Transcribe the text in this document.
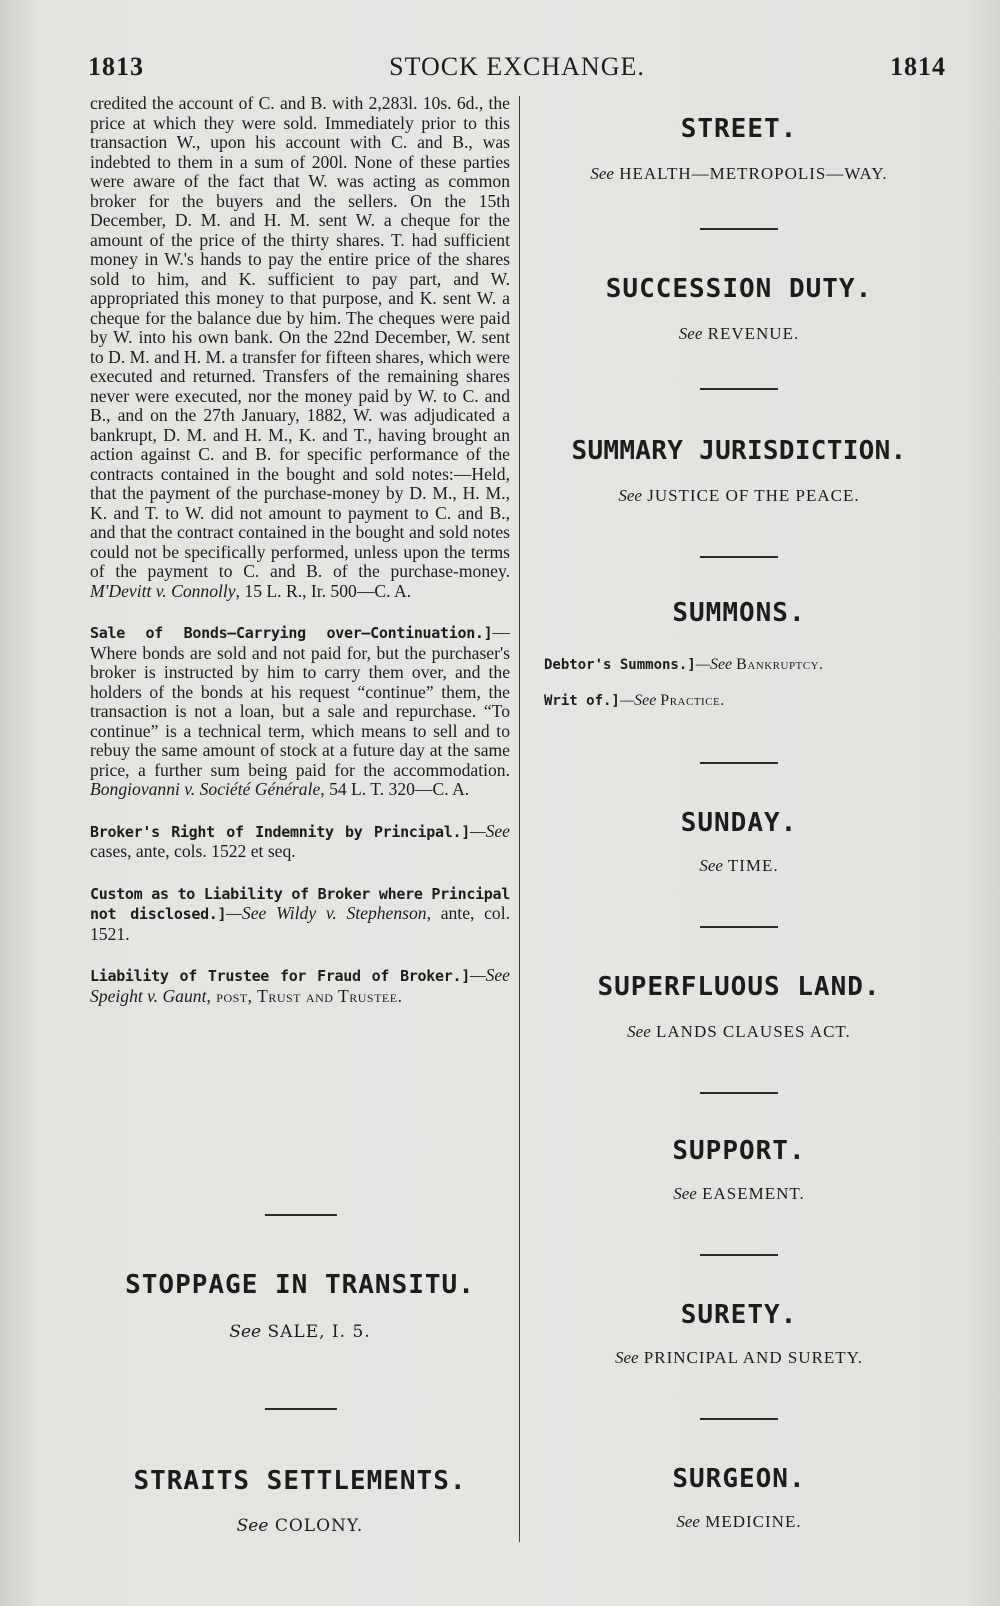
1813	STOCK EXCHANGE.	1814

credited the account of C. and B. with 2,283l. 10s. 6d., the price at which they were sold. Immediately prior to this transaction W., upon his account with C. and B., was indebted to them in a sum of 200l. None of these parties were aware of the fact that W. was acting as common broker for the buyers and the sellers. On the 15th December, D. M. and H. M. sent W. a cheque for the amount of the price of the thirty shares. T. had sufficient money in W.'s hands to pay the entire price of the shares sold to him, and K. sufficient to pay part, and W. appropriated this money to that purpose, and K. sent W. a cheque for the balance due by him. The cheques were paid by W. into his own bank. On the 22nd December, W. sent to D. M. and H. M. a transfer for fifteen shares, which were executed and returned. Transfers of the remaining shares never were executed, nor the money paid by W. to C. and B., and on the 27th January, 1882, W. was adjudicated a bankrupt, D. M. and H. M., K. and T., having brought an action against C. and B. for specific performance of the contracts contained in the bought and sold notes:—Held, that the payment of the purchase-money by D. M., H. M., K. and T. to W. did not amount to payment to C. and B., and that the contract contained in the bought and sold notes could not be specifically performed, unless upon the terms of the payment to C. and B. of the purchase-money. M'Devitt v. Connolly, 15 L. R., Ir. 500—C. A.

Sale of Bonds—Carrying over—Continuation.]—Where bonds are sold and not paid for, but the purchaser's broker is instructed by him to carry them over, and the holders of the bonds at his request “continue” them, the transaction is not a loan, but a sale and repurchase. “To continue” is a technical term, which means to sell and to rebuy the same amount of stock at a future day at the same price, a further sum being paid for the accommodation. Bongiovanni v. Société Générale, 54 L. T. 320—C. A.

Broker's Right of Indemnity by Principal.]—See cases, ante, cols. 1522 et seq.

Custom as to Liability of Broker where Principal not disclosed.]—See Wildy v. Stephenson, ante, col. 1521.

Liability of Trustee for Fraud of Broker.]—See Speight v. Gaunt, post, Trust and Trustee.

STOPPAGE IN TRANSITU.
See SALE, I. 5.
STRAITS SETTLEMENTS.
See COLONY.
STREET.
See HEALTH—METROPOLIS—WAY.
SUCCESSION DUTY.
See REVENUE.
SUMMARY JURISDICTION.
See JUSTICE OF THE PEACE.
SUMMONS.
Debtor's Summons.]—See Bankruptcy.
Writ of.]—See Practice.
SUNDAY.
See TIME.
SUPERFLUOUS LAND.
See LANDS CLAUSES ACT.
SUPPORT.
See EASEMENT.
SURETY.
See PRINCIPAL AND SURETY.
SURGEON.
See MEDICINE.
